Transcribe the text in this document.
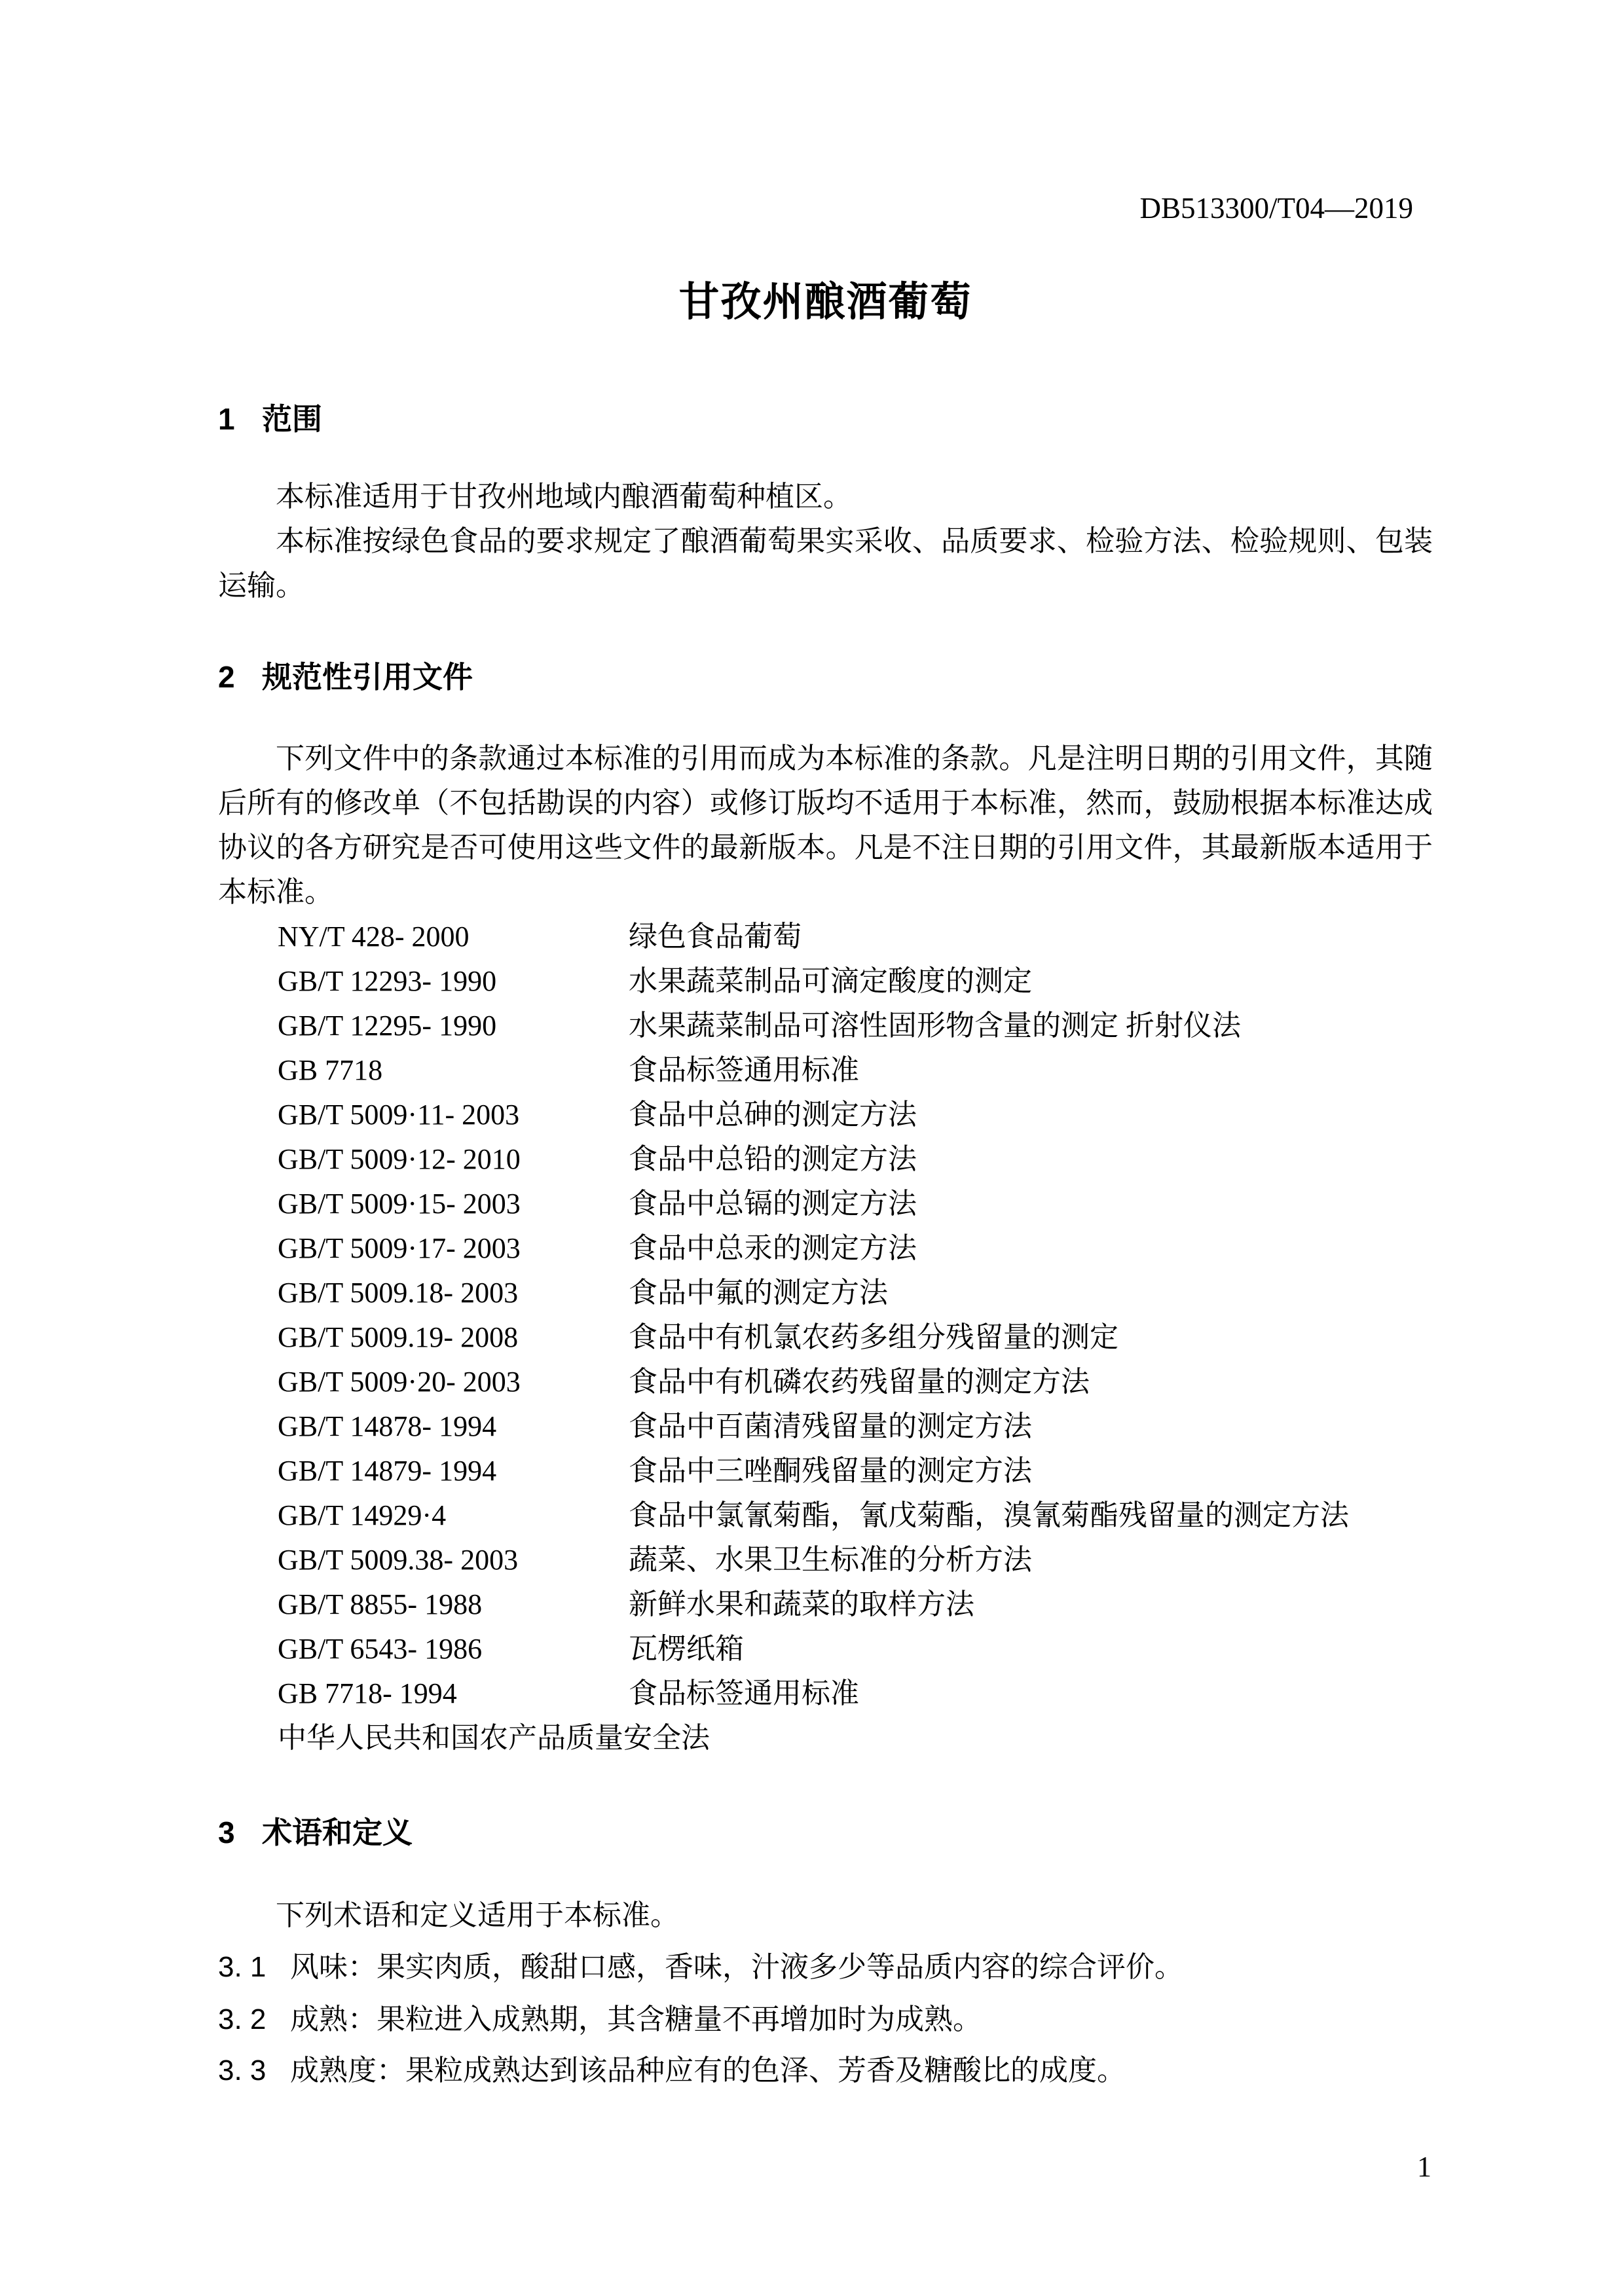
DB513300/T04—2019
甘孜州酿酒葡萄
1 范围

本标准适用于甘孜州地域内酿酒葡萄种植区。

本标准按绿色食品的要求规定了酿酒葡萄果实采收、品质要求、检验方法、检验规则、包装运输。

2 规范性引用文件

下列文件中的条款通过本标准的引用而成为本标准的条款。凡是注明日期的引用文件，其随后所有的修改单（不包括勘误的内容）或修订版均不适用于本标准，然而，鼓励根据本标准达成协议的各方研究是否可使用这些文件的最新版本。凡是不注日期的引用文件，其最新版本适用于本标准。

NY/T 428- 2000	绿色食品葡萄
GB/T 12293- 1990	水果蔬菜制品可滴定酸度的测定
GB/T 12295- 1990	水果蔬菜制品可溶性固形物含量的测定 折射仪法
GB 7718	食品标签通用标准
GB/T 5009·11- 2003	食品中总砷的测定方法
GB/T 5009·12- 2010	食品中总铅的测定方法
GB/T 5009·15- 2003	食品中总镉的测定方法
GB/T 5009·17- 2003	食品中总汞的测定方法
GB/T 5009.18- 2003	食品中氟的测定方法
GB/T 5009.19- 2008	食品中有机氯农药多组分残留量的测定
GB/T 5009·20- 2003	食品中有机磷农药残留量的测定方法
GB/T 14878- 1994	食品中百菌清残留量的测定方法
GB/T 14879- 1994	食品中三唑酮残留量的测定方法
GB/T 14929·4	食品中氯氰菊酯，氰戊菊酯，溴氰菊酯残留量的测定方法
GB/T 5009.38- 2003	蔬菜、水果卫生标准的分析方法
GB/T 8855- 1988	新鲜水果和蔬菜的取样方法
GB/T 6543- 1986	瓦楞纸箱
GB 7718- 1994	食品标签通用标准
中华人民共和国农产品质量安全法
3 术语和定义

下列术语和定义适用于本标准。

3. 1 风味：果实肉质，酸甜口感，香味，汁液多少等品质内容的综合评价。
3. 2 成熟：果粒进入成熟期，其含糖量不再增加时为成熟。
3. 3 成熟度：果粒成熟达到该品种应有的色泽、芳香及糖酸比的成度。
1
